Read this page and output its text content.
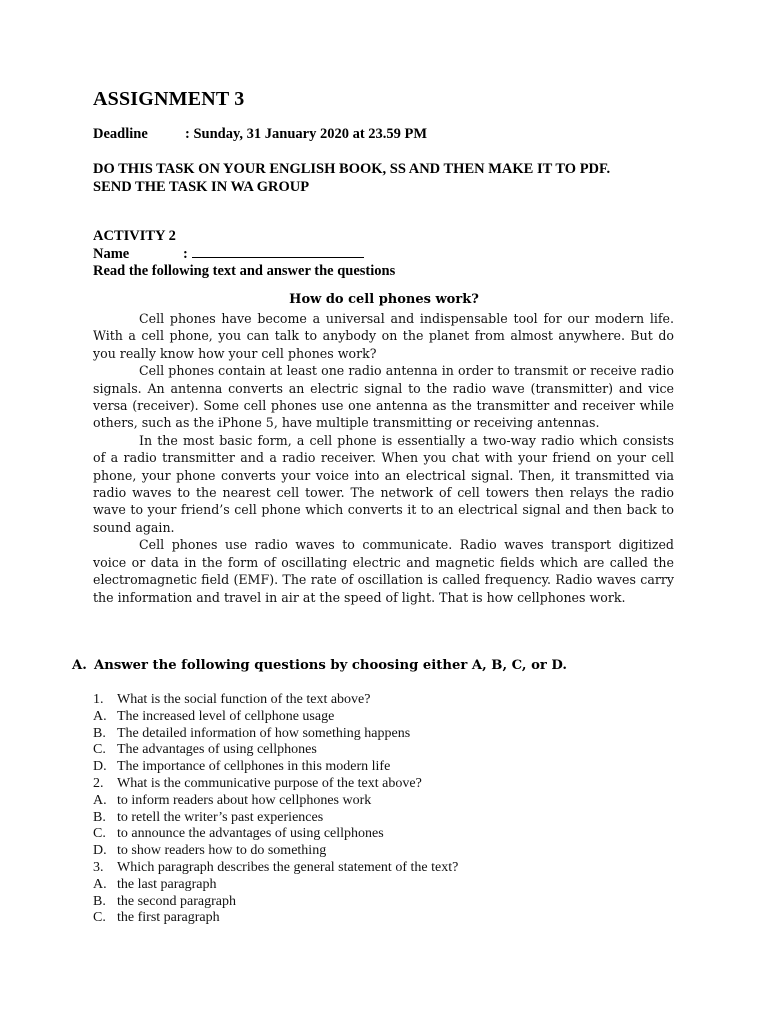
ASSIGNMENT 3
Deadline	: Sunday, 31 January 2020 at 23.59 PM
DO THIS TASK ON YOUR ENGLISH BOOK, SS AND THEN MAKE IT TO PDF.
SEND THE TASK IN WA GROUP
ACTIVITY 2
Name	:
Read the following text and answer the questions
How do cell phones work?

Cell phones have become a universal and indispensable tool for our modern life. With a cell phone, you can talk to anybody on the planet from almost anywhere. But do you really know how your cell phones work?

Cell phones contain at least one radio antenna in order to transmit or receive radio signals. An antenna converts an electric signal to the radio wave (transmitter) and vice versa (receiver). Some cell phones use one antenna as the transmitter and receiver while others, such as the iPhone 5, have multiple transmitting or receiving antennas.

In the most basic form, a cell phone is essentially a two-way radio which consists of a radio transmitter and a radio receiver. When you chat with your friend on your cell phone, your phone converts your voice into an electrical signal. Then, it transmitted via radio waves to the nearest cell tower. The network of cell towers then relays the radio wave to your friend’s cell phone which converts it to an electrical signal and then back to sound again.

Cell phones use radio waves to communicate. Radio waves transport digitized voice or data in the form of oscillating electric and magnetic fields which are called the electromagnetic field (EMF). The rate of oscillation is called frequency. Radio waves carry the information and travel in air at the speed of light. That is how cellphones work.

A. Answer the following questions by choosing either A, B, C, or D.
1. What is the social function of the text above?
A. The increased level of cellphone usage
B. The detailed information of how something happens
C. The advantages of using cellphones
D. The importance of cellphones in this modern life
2. What is the communicative purpose of the text above?
A. to inform readers about how cellphones work
B. to retell the writer’s past experiences
C. to announce the advantages of using cellphones
D. to show readers how to do something
3. Which paragraph describes the general statement of the text?
A. the last paragraph
B. the second paragraph
C. the first paragraph
